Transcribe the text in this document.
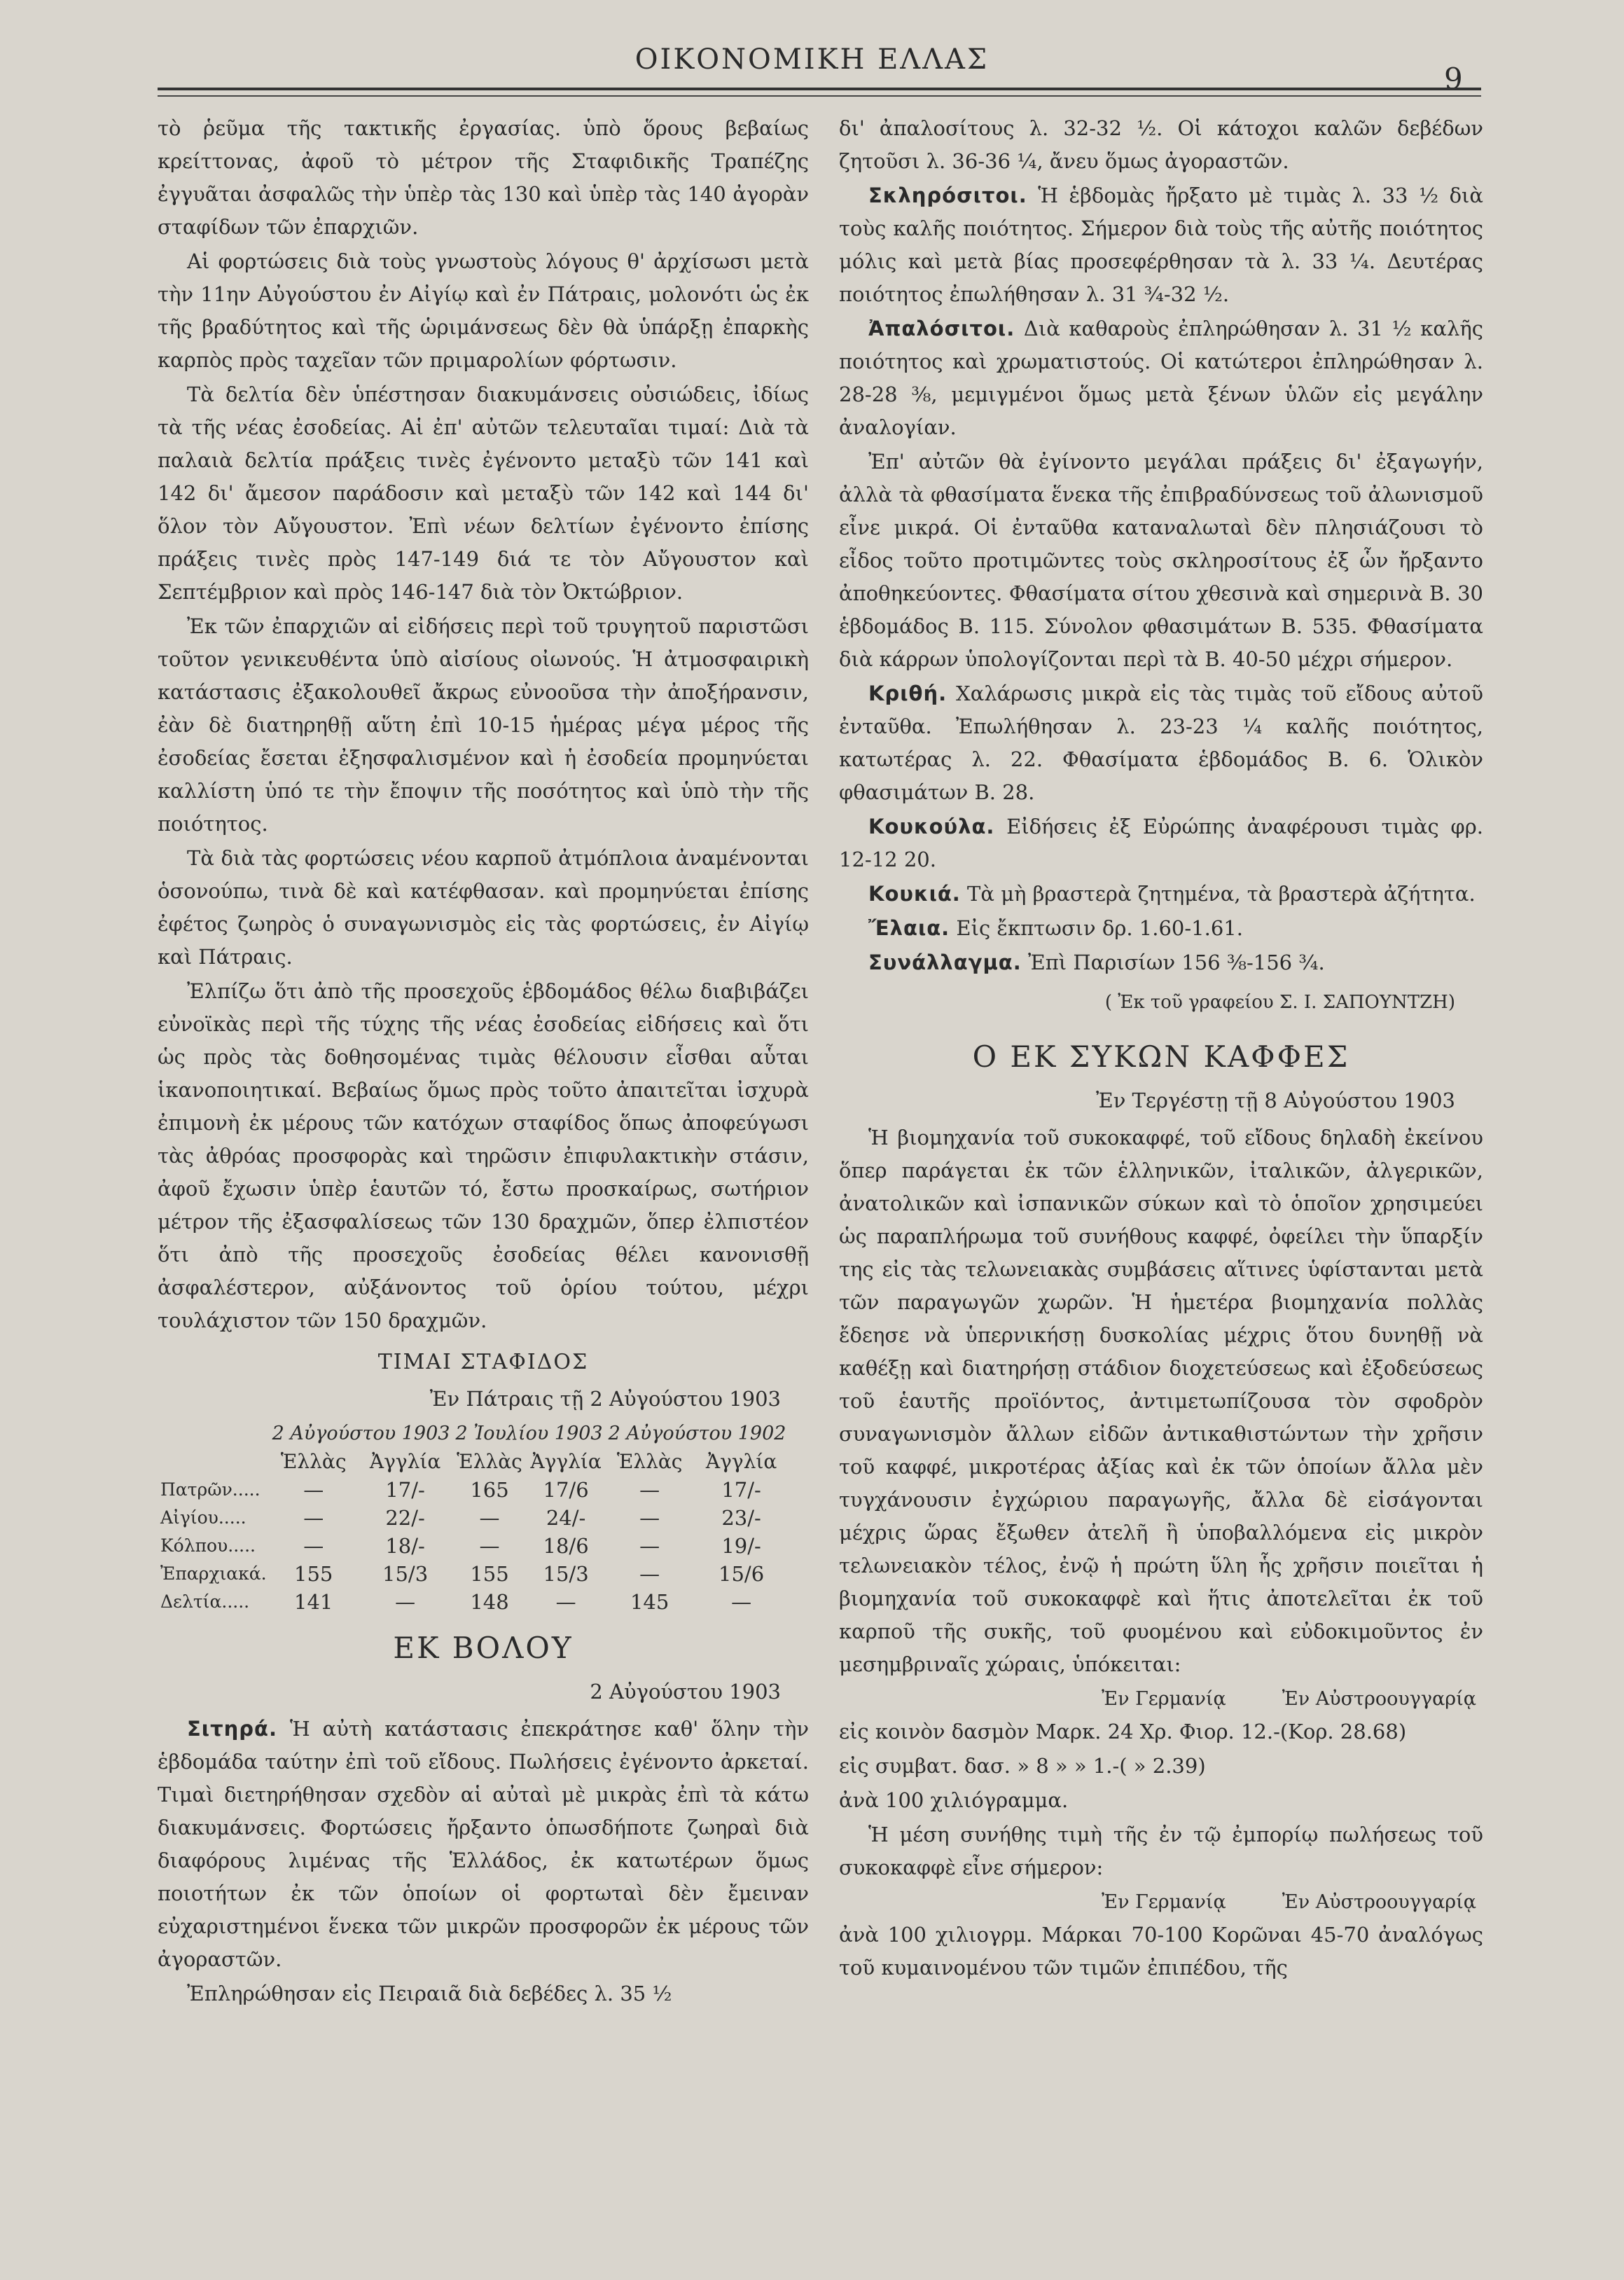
ΟΙΚΟΝΟΜΙΚΗ ΕΛΛΑΣ
9

τὸ ῥεῦμα τῆς τακτικῆς ἐργασίας. ὑπὸ ὅρους βεβαίως κρείττονας, ἀφοῦ τὸ μέτρον τῆς Σταφιδικῆς Τραπέζης ἐγγυᾶται ἀσφαλῶς τὴν ὑπὲρ τὰς 130 καὶ ὑπὲρ τὰς 140 ἀγορὰν σταφίδων τῶν ἐπαρχιῶν.

Αἱ φορτώσεις διὰ τοὺς γνωστοὺς λόγους θ' ἀρχίσωσι μετὰ τὴν 11ην Αὐγούστου ἐν Αἰγίῳ καὶ ἐν Πάτραις, μολονότι ὡς ἐκ τῆς βραδύτητος καὶ τῆς ὡριμάνσεως δὲν θὰ ὑπάρξῃ ἐπαρκὴς καρπὸς πρὸς ταχεῖαν τῶν πριμαρολίων φόρτωσιν.

Τὰ δελτία δὲν ὑπέστησαν διακυμάνσεις οὐσιώδεις, ἰδίως τὰ τῆς νέας ἐσοδείας. Αἱ ἐπ' αὐτῶν τελευταῖαι τιμαί: Διὰ τὰ παλαιὰ δελτία πράξεις τινὲς ἐγένοντο μεταξὺ τῶν 141 καὶ 142 δι' ἄμεσον παράδοσιν καὶ μεταξὺ τῶν 142 καὶ 144 δι' ὅλον τὸν Αὔγουστον. Ἐπὶ νέων δελτίων ἐγένοντο ἐπίσης πράξεις τινὲς πρὸς 147-149 διά τε τὸν Αὔγουστον καὶ Σεπτέμβριον καὶ πρὸς 146-147 διὰ τὸν Ὀκτώβριον.

Ἐκ τῶν ἐπαρχιῶν αἱ εἰδήσεις περὶ τοῦ τρυγητοῦ παριστῶσι τοῦτον γενικευθέντα ὑπὸ αἰσίους οἰωνούς. Ἡ ἀτμοσφαιρικὴ κατάστασις ἐξακολουθεῖ ἄκρως εὐνοοῦσα τὴν ἀποξήρανσιν, ἐὰν δὲ διατηρηθῇ αὕτη ἐπὶ 10-15 ἡμέρας μέγα μέρος τῆς ἐσοδείας ἔσεται ἐξησφαλισμένον καὶ ἡ ἐσοδεία προμηνύεται καλλίστη ὑπό τε τὴν ἔποψιν τῆς ποσότητος καὶ ὑπὸ τὴν τῆς ποιότητος.

Τὰ διὰ τὰς φορτώσεις νέου καρποῦ ἀτμόπλοια ἀναμένονται ὁσονούπω, τινὰ δὲ καὶ κατέφθασαν. καὶ προμηνύεται ἐπίσης ἐφέτος ζωηρὸς ὁ συναγωνισμὸς εἰς τὰς φορτώσεις, ἐν Αἰγίῳ καὶ Πάτραις.

Ἐλπίζω ὅτι ἀπὸ τῆς προσεχοῦς ἑβδομάδος θέλω διαβιβάζει εὐνοϊκὰς περὶ τῆς τύχης τῆς νέας ἐσοδείας εἰδήσεις καὶ ὅτι ὡς πρὸς τὰς δοθησομένας τιμὰς θέλουσιν εἶσθαι αὗται ἱκανοποιητικαί. Βεβαίως ὅμως πρὸς τοῦτο ἀπαιτεῖται ἰσχυρὰ ἐπιμονὴ ἐκ μέρους τῶν κατόχων σταφίδος ὅπως ἀποφεύγωσι τὰς ἀθρόας προσφορὰς καὶ τηρῶσιν ἐπιφυλακτικὴν στάσιν, ἀφοῦ ἔχωσιν ὑπὲρ ἑαυτῶν τό, ἔστω προσκαίρως, σωτήριον μέτρον τῆς ἐξασφαλίσεως τῶν 130 δραχμῶν, ὅπερ ἐλπιστέον ὅτι ἀπὸ τῆς προσεχοῦς ἐσοδείας θέλει κανονισθῇ ἀσφαλέστερον, αὐξάνοντος τοῦ ὁρίου τούτου, μέχρι τουλάχιστον τῶν 150 δραχμῶν.

ΤΙΜΑΙ ΣΤΑΦΙΔΟΣ
Ἐν Πάτραις τῇ 2 Αὐγούστου 1903
	2 Αὐγούστου 1903		2 Ἰουλίου 1903		2 Αὐγούστου 1902	
	Ἑλλὰς	Ἀγγλία	Ἑλλὰς	Ἀγγλία	Ἑλλὰς	Ἀγγλία
Πατρῶν.....	—	17/-	165	17/6	—	17/-
Αἰγίου.....	—	22/-	—	24/-	—	23/-
Κόλπου.....	—	18/-	—	18/6	—	19/-
Ἐπαρχιακά.	155	15/3	155	15/3	—	15/6
Δελτία.....	141	—	148	—	145	—
ΕΚ ΒΟΛΟΥ
2 Αὐγούστου 1903

Σιτηρά. Ἡ αὐτὴ κατάστασις ἐπεκράτησε καθ' ὅλην τὴν ἑβδομάδα ταύτην ἐπὶ τοῦ εἴδους. Πωλήσεις ἐγένοντο ἀρκεταί. Τιμαὶ διετηρήθησαν σχεδὸν αἱ αὐταὶ μὲ μικρὰς ἐπὶ τὰ κάτω διακυμάνσεις. Φορτώσεις ἤρξαντο ὁπωσδήποτε ζωηραὶ διὰ διαφόρους λιμένας τῆς Ἑλλάδος, ἐκ κατωτέρων ὅμως ποιοτήτων ἐκ τῶν ὁποίων οἱ φορτωταὶ δὲν ἔμειναν εὐχαριστημένοι ἕνεκα τῶν μικρῶν προσφορῶν ἐκ μέρους τῶν ἀγοραστῶν.

Ἐπληρώθησαν εἰς Πειραιᾶ διὰ δεβέδες λ. 35 ½

δι' ἀπαλοσίτους λ. 32-32 ½. Οἱ κάτοχοι καλῶν δεβέδων ζητοῦσι λ. 36-36 ¼, ἄνευ ὅμως ἀγοραστῶν.

Σκληρόσιτοι. Ἡ ἑβδομὰς ἤρξατο μὲ τιμὰς λ. 33 ½ διὰ τοὺς καλῆς ποιότητος. Σήμερον διὰ τοὺς τῆς αὐτῆς ποιότητος μόλις καὶ μετὰ βίας προσεφέρθησαν τὰ λ. 33 ¼. Δευτέρας ποιότητος ἐπωλήθησαν λ. 31 ¾-32 ½.

Ἀπαλόσιτοι. Διὰ καθαροὺς ἐπληρώθησαν λ. 31 ½ καλῆς ποιότητος καὶ χρωματιστούς. Οἱ κατώτεροι ἐπληρώθησαν λ. 28-28 ⅜, μεμιγμένοι ὅμως μετὰ ξένων ὑλῶν εἰς μεγάλην ἀναλογίαν.

Ἐπ' αὐτῶν θὰ ἐγίνοντο μεγάλαι πράξεις δι' ἐξαγωγήν, ἀλλὰ τὰ φθασίματα ἕνεκα τῆς ἐπιβραδύνσεως τοῦ ἀλωνισμοῦ εἶνε μικρά. Οἱ ἐνταῦθα καταναλωταὶ δὲν πλησιάζουσι τὸ εἶδος τοῦτο προτιμῶντες τοὺς σκληροσίτους ἐξ ὧν ἤρξαντο ἀποθηκεύοντες. Φθασίματα σίτου χθεσινὰ καὶ σημερινὰ Β. 30 ἑβδομάδος Β. 115. Σύνολον φθασιμάτων Β. 535. Φθασίματα διὰ κάρρων ὑπολογίζονται περὶ τὰ Β. 40-50 μέχρι σήμερον.

Κριθή. Χαλάρωσις μικρὰ εἰς τὰς τιμὰς τοῦ εἴδους αὐτοῦ ἐνταῦθα. Ἐπωλήθησαν λ. 23-23 ¼ καλῆς ποιότητος, κατωτέρας λ. 22. Φθασίματα ἑβδομάδος Β. 6. Ὁλικὸν φθασιμάτων Β. 28.

Κουκούλα. Εἰδήσεις ἐξ Εὐρώπης ἀναφέρουσι τιμὰς φρ. 12-12 20.

Κουκιά. Τὰ μὴ βραστερὰ ζητημένα, τὰ βραστερὰ ἀζήτητα.

Ἔλαια. Εἰς ἔκπτωσιν δρ. 1.60-1.61.

Συνάλλαγμα. Ἐπὶ Παρισίων 156 ⅜-156 ¾.

( Ἐκ τοῦ γραφείου Σ. Ι. ΣΑΠΟΥΝΤΖΗ)
Ο ΕΚ ΣΥΚΩΝ ΚΑΦΦΕΣ
Ἐν Τεργέστῃ τῇ 8 Αὐγούστου 1903

Ἡ βιομηχανία τοῦ συκοκαφφέ, τοῦ εἴδους δηλαδὴ ἐκείνου ὅπερ παράγεται ἐκ τῶν ἑλληνικῶν, ἰταλικῶν, ἀλγερικῶν, ἀνατολικῶν καὶ ἰσπανικῶν σύκων καὶ τὸ ὁποῖον χρησιμεύει ὡς παραπλήρωμα τοῦ συνήθους καφφέ, ὀφείλει τὴν ὕπαρξίν της εἰς τὰς τελωνειακὰς συμβάσεις αἵτινες ὑφίστανται μετὰ τῶν παραγωγῶν χωρῶν. Ἡ ἡμετέρα βιομηχανία πολλὰς ἔδεησε νὰ ὑπερνικήσῃ δυσκολίας μέχρις ὅτου δυνηθῇ νὰ καθέξῃ καὶ διατηρήσῃ στάδιον διοχετεύσεως καὶ ἐξοδεύσεως τοῦ ἑαυτῆς προϊόντος, ἀντιμετωπίζουσα τὸν σφοδρὸν συναγωνισμὸν ἄλλων εἰδῶν ἀντικαθιστώντων τὴν χρῆσιν τοῦ καφφέ, μικροτέρας ἀξίας καὶ ἐκ τῶν ὁποίων ἄλλα μὲν τυγχάνουσιν ἐγχώριου παραγωγῆς, ἄλλα δὲ εἰσάγονται μέχρις ὥρας ἔξωθεν ἀτελῆ ἢ ὑποβαλλόμενα εἰς μικρὸν τελωνειακὸν τέλος, ἐνῷ ἡ πρώτη ὕλη ἧς χρῆσιν ποιεῖται ἡ βιομηχανία τοῦ συκοκαφφὲ καὶ ἥτις ἀποτελεῖται ἐκ τοῦ καρποῦ τῆς συκῆς, τοῦ φυομένου καὶ εὐδοκιμοῦντος ἐν μεσημβριναῖς χώραις, ὑπόκειται:

Ἐν Γερμανίᾳ	Ἐν Αὐστροουγγαρίᾳ

εἰς κοινὸν δασμὸν Μαρκ. 24 Χρ. Φιορ. 12.-(Κορ. 28.68)

εἰς συμβατ. δασ. » 8 » » 1.-( » 2.39)

ἀνὰ 100 χιλιόγραμμα.

Ἡ μέση συνήθης τιμὴ τῆς ἐν τῷ ἐμπορίῳ πωλήσεως τοῦ συκοκαφφὲ εἶνε σήμερον:

Ἐν Γερμανίᾳ	Ἐν Αὐστροουγγαρίᾳ

ἀνὰ 100 χιλιογρμ. Μάρκαι 70-100 Κορῶναι 45-70 ἀναλόγως τοῦ κυμαινομένου τῶν τιμῶν ἐπιπέδου, τῆς
